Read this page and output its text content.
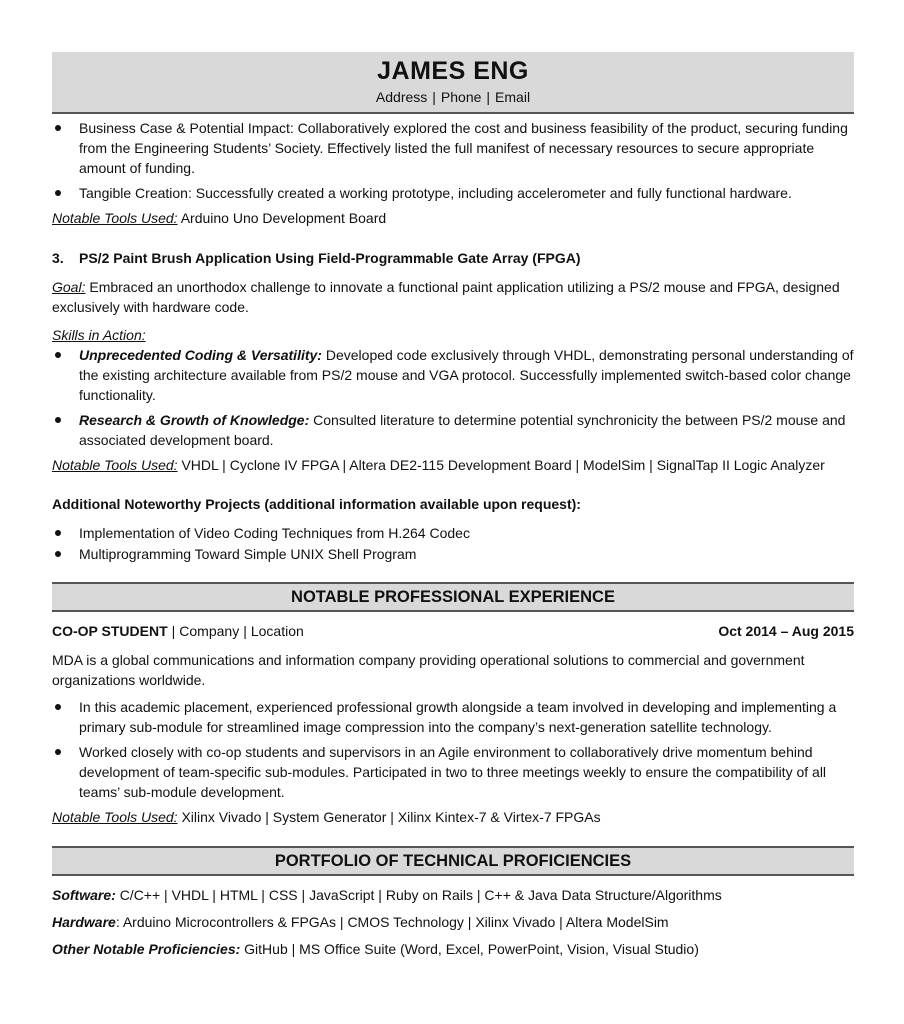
JAMES ENG
Address | Phone | Email
Business Case & Potential Impact: Collaboratively explored the cost and business feasibility of the product, securing funding from the Engineering Students’ Society. Effectively listed the full manifest of necessary resources to secure appropriate amount of funding.
Tangible Creation: Successfully created a working prototype, including accelerometer and fully functional hardware.
Notable Tools Used: Arduino Uno Development Board
3.	PS/2 Paint Brush Application Using Field-Programmable Gate Array (FPGA)
Goal: Embraced an unorthodox challenge to innovate a functional paint application utilizing a PS/2 mouse and FPGA, designed exclusively with hardware code.
Skills in Action:
Unprecedented Coding & Versatility: Developed code exclusively through VHDL, demonstrating personal understanding of the existing architecture available from PS/2 mouse and VGA protocol. Successfully implemented switch-based color change functionality.
Research & Growth of Knowledge: Consulted literature to determine potential synchronicity the between PS/2 mouse and associated development board.
Notable Tools Used: VHDL | Cyclone IV FPGA | Altera DE2-115 Development Board | ModelSim | SignalTap II Logic Analyzer
Additional Noteworthy Projects (additional information available upon request):
Implementation of Video Coding Techniques from H.264 Codec
Multiprogramming Toward Simple UNIX Shell Program
NOTABLE PROFESSIONAL EXPERIENCE
CO-OP STUDENT | Company | Location	Oct 2014 – Aug 2015
MDA is a global communications and information company providing operational solutions to commercial and government organizations worldwide.
In this academic placement, experienced professional growth alongside a team involved in developing and implementing a primary sub-module for streamlined image compression into the company’s next-generation satellite technology.
Worked closely with co-op students and supervisors in an Agile environment to collaboratively drive momentum behind development of team-specific sub-modules. Participated in two to three meetings weekly to ensure the compatibility of all teams’ sub-module development.
Notable Tools Used: Xilinx Vivado | System Generator | Xilinx Kintex-7 & Virtex-7 FPGAs
PORTFOLIO OF TECHNICAL PROFICIENCIES
Software: C/C++ | VHDL | HTML | CSS | JavaScript | Ruby on Rails | C++ & Java Data Structure/Algorithms
Hardware: Arduino Microcontrollers & FPGAs | CMOS Technology | Xilinx Vivado | Altera ModelSim
Other Notable Proficiencies: GitHub | MS Office Suite (Word, Excel, PowerPoint, Vision, Visual Studio)
